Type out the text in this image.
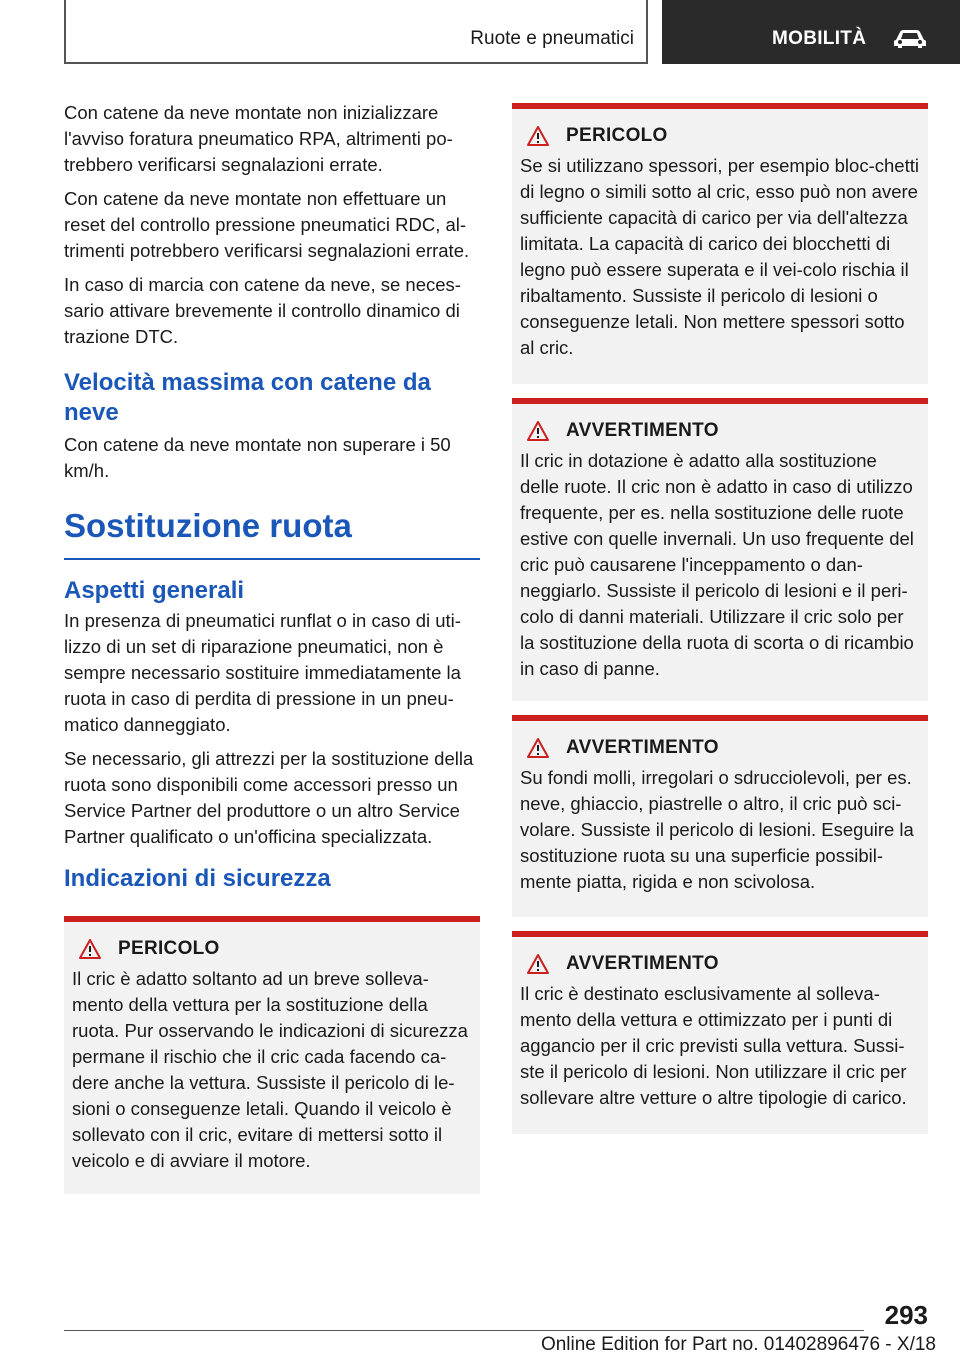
Ruote e pneumatici	MOBILITÀ

Con catene da neve montate non inizializzare l'avviso foratura pneumatico RPA, altrimenti po-trebbero verificarsi segnalazioni errate.

Con catene da neve montate non effettuare un reset del controllo pressione pneumatici RDC, al-trimenti potrebbero verificarsi segnalazioni errate.

In caso di marcia con catene da neve, se neces-sario attivare brevemente il controllo dinamico di trazione DTC.

Velocità massima con catene da neve

Con catene da neve montate non superare i 50 km/h.

Sostituzione ruota
Aspetti generali

In presenza di pneumatici runflat o in caso di uti-lizzo di un set di riparazione pneumatici, non è sempre necessario sostituire immediatamente la ruota in caso di perdita di pressione in un pneu-matico danneggiato.

Se necessario, gli attrezzi per la sostituzione della ruota sono disponibili come accessori presso un Service Partner del produttore o un altro Service Partner qualificato o un'officina specializzata.

Indicazioni di sicurezza
PERICOLO

Il cric è adatto soltanto ad un breve solleva-mento della vettura per la sostituzione della ruota. Pur osservando le indicazioni di sicurezza permane il rischio che il cric cada facendo ca-dere anche la vettura. Sussiste il pericolo di le-sioni o conseguenze letali. Quando il veicolo è sollevato con il cric, evitare di mettersi sotto il veicolo e di avviare il motore.

PERICOLO

Se si utilizzano spessori, per esempio bloc-chetti di legno o simili sotto al cric, esso può non avere sufficiente capacità di carico per via dell'altezza limitata. La capacità di carico dei blocchetti di legno può essere superata e il vei-colo rischia il ribaltamento. Sussiste il pericolo di lesioni o conseguenze letali. Non mettere spessori sotto al cric.

AVVERTIMENTO

Il cric in dotazione è adatto alla sostituzione delle ruote. Il cric non è adatto in caso di utilizzo frequente, per es. nella sostituzione delle ruote estive con quelle invernali. Un uso frequente del cric può causarene l'inceppamento o dan-neggiarlo. Sussiste il pericolo di lesioni e il peri-colo di danni materiali. Utilizzare il cric solo per la sostituzione della ruota di scorta o di ricambio in caso di panne.

AVVERTIMENTO

Su fondi molli, irregolari o sdrucciolevoli, per es. neve, ghiaccio, piastrelle o altro, il cric può sci-volare. Sussiste il pericolo di lesioni. Eseguire la sostituzione ruota su una superficie possibil-mente piatta, rigida e non scivolosa.

AVVERTIMENTO

Il cric è destinato esclusivamente al solleva-mento della vettura e ottimizzato per i punti di aggancio per il cric previsti sulla vettura. Sussi-ste il pericolo di lesioni. Non utilizzare il cric per sollevare altre vetture o altre tipologie di carico.

293
Online Edition for Part no. 01402896476 - X/18
